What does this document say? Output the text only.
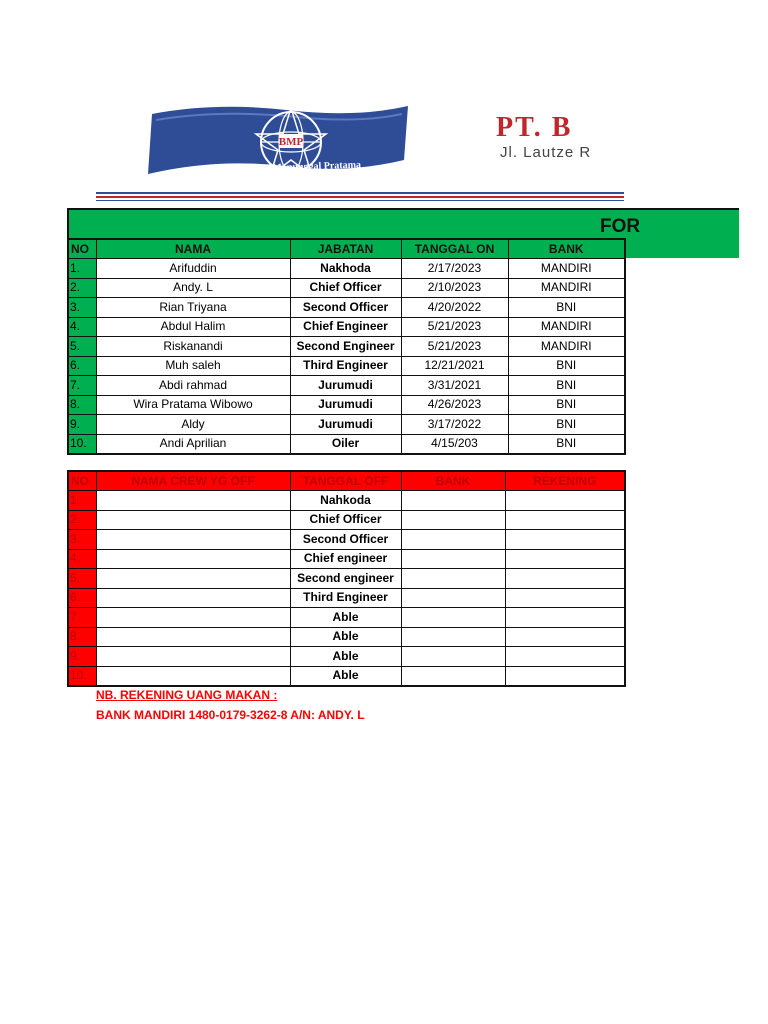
BMP
PT. Bintang Manunggal Pratama
PT. B
Jl. Lautze R
FOR
NO	NAMA	JABATAN	TANGGAL ON	BANK
1.	Arifuddin	Nakhoda	2/17/2023	MANDIRI
2.	Andy. L	Chief Officer	2/10/2023	MANDIRI
3.	Rian Triyana	Second Officer	4/20/2022	BNI
4.	Abdul Halim	Chief Engineer	5/21/2023	MANDIRI
5.	Riskanandi	Second Engineer	5/21/2023	MANDIRI
6.	Muh saleh	Third Engineer	12/21/2021	BNI
7.	Abdi rahmad	Jurumudi	3/31/2021	BNI
8.	Wira Pratama Wibowo	Jurumudi	4/26/2023	BNI
9.	Aldy	Jurumudi	3/17/2022	BNI
10.	Andi Aprilian	Oiler	4/15/203	BNI
NO	NAMA CREW YG OFF	TANGGAL OFF	BANK	REKENING
1.		Nahkoda		
2.		Chief Officer		
3.		Second Officer		
4.		Chief engineer		
5.		Second engineer		
6.		Third Engineer		
7.		Able		
8.		Able		
9.		Able		
10.		Able		
NB. REKENING UANG MAKAN :
BANK MANDIRI 1480-0179-3262-8 A/N: ANDY. L
